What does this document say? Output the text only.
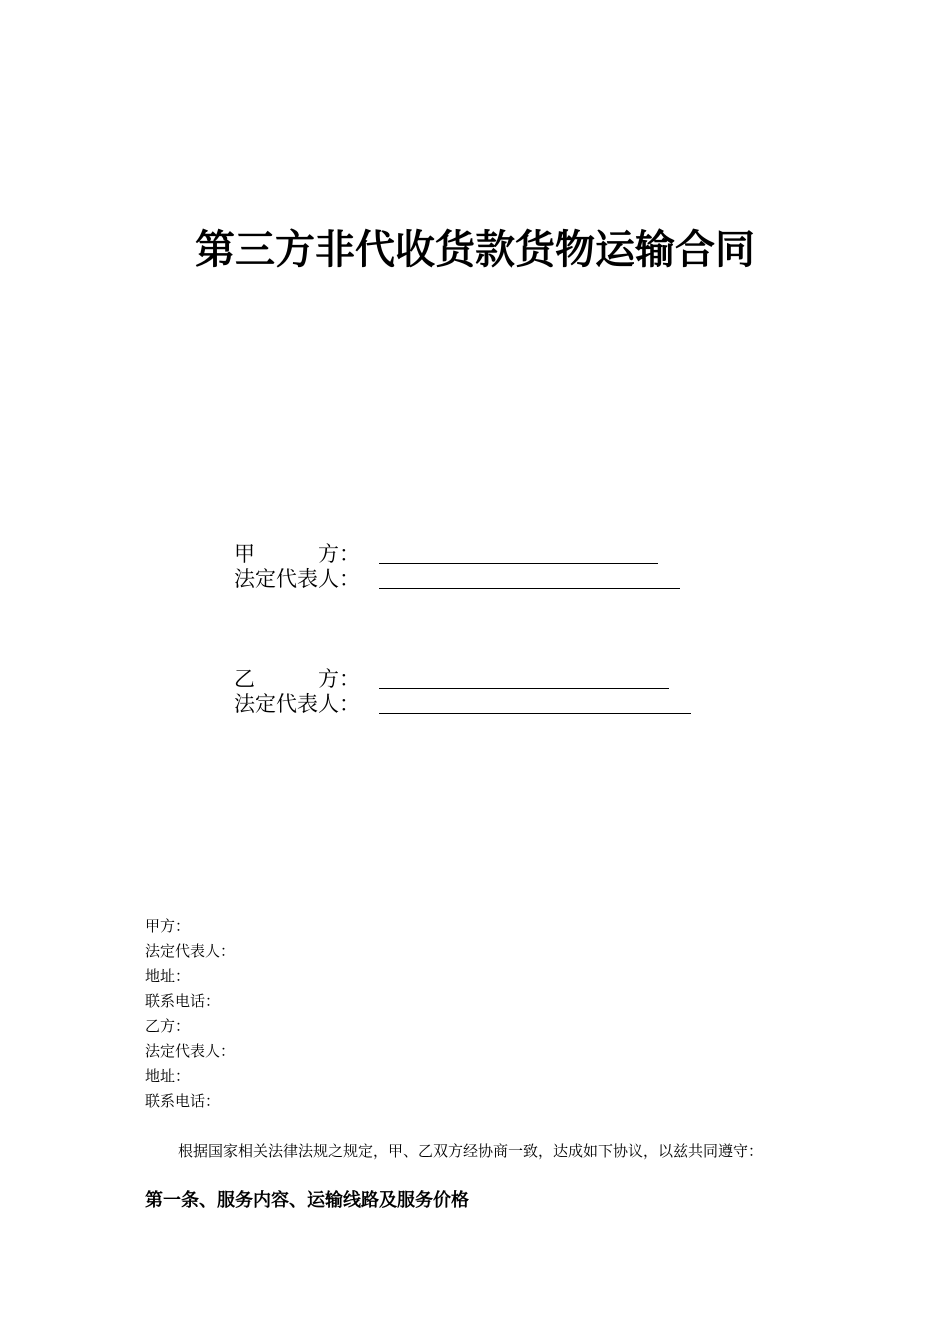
第三方非代收货款货物运输合同
甲　　　方：
法定代表人：
乙　　　方：
法定代表人：
甲方：
法定代表人：
地址：
联系电话：
乙方：
法定代表人：
地址：
联系电话：
根据国家相关法律法规之规定，甲、乙双方经协商一致，达成如下协议，以兹共同遵守：
第一条、服务内容、运输线路及服务价格
